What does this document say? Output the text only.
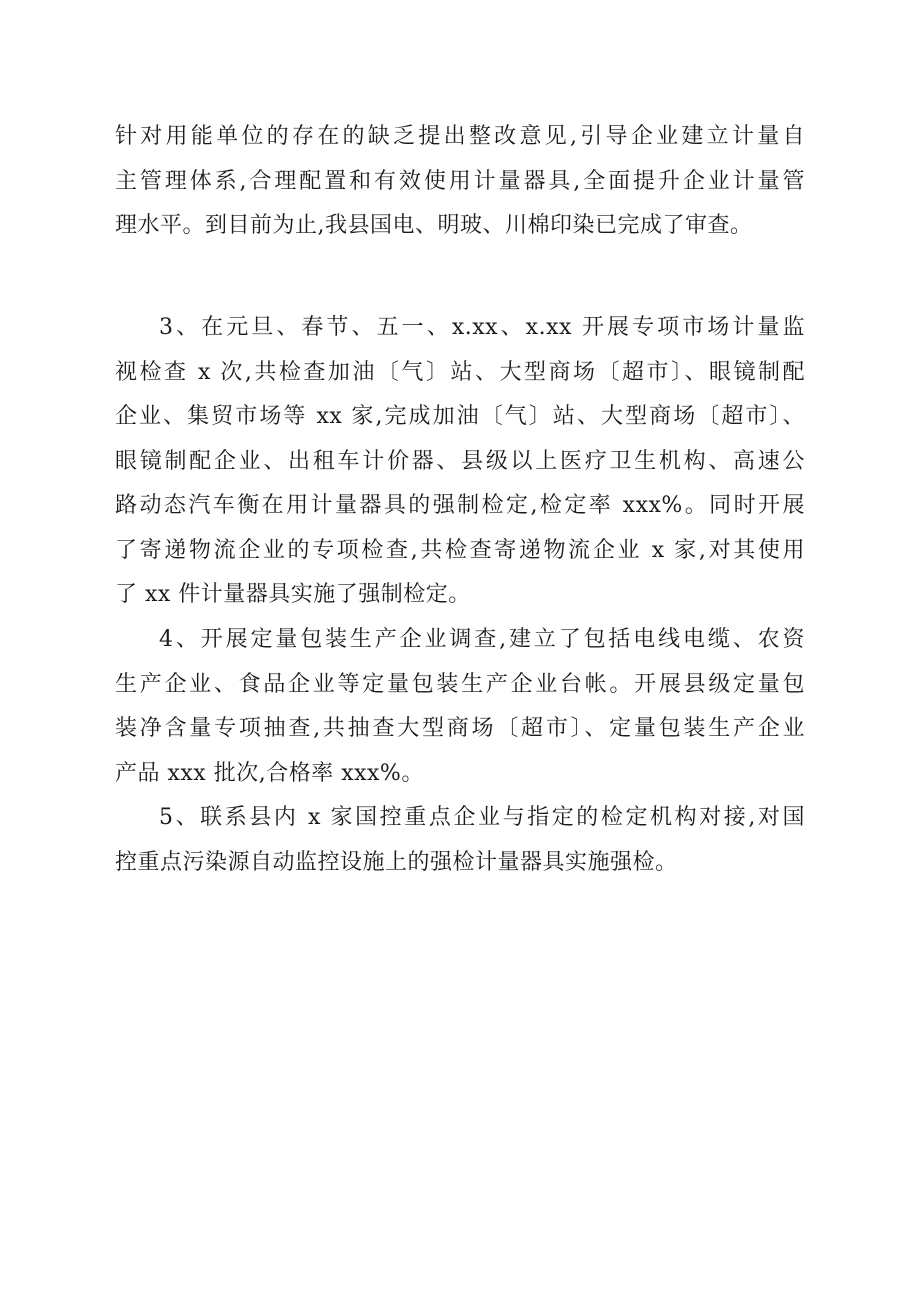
针对用能单位的存在的缺乏提出整改意见,引导企业建立计量自
主管理体系,合理配置和有效使用计量器具,全面提升企业计量管
理水平。到目前为止,我县国电、明玻、川棉印染已完成了审查。
3、在元旦、春节、五一、x.xx、x.xx 开展专项市场计量监
视检查 x 次,共检查加油〔气〕站、大型商场〔超市〕、眼镜制配
企业、集贸市场等 xx 家,完成加油〔气〕站、大型商场〔超市〕、
眼镜制配企业、出租车计价器、县级以上医疗卫生机构、高速公
路动态汽车衡在用计量器具的强制检定,检定率 xxx%。同时开展
了寄递物流企业的专项检查,共检查寄递物流企业 x 家,对其使用
了 xx 件计量器具实施了强制检定。
4、开展定量包装生产企业调查,建立了包括电线电缆、农资
生产企业、食品企业等定量包装生产企业台帐。开展县级定量包
装净含量专项抽查,共抽查大型商场〔超市〕、定量包装生产企业
产品 xxx 批次,合格率 xxx%。
5、联系县内 x 家国控重点企业与指定的检定机构对接,对国
控重点污染源自动监控设施上的强检计量器具实施强检。
